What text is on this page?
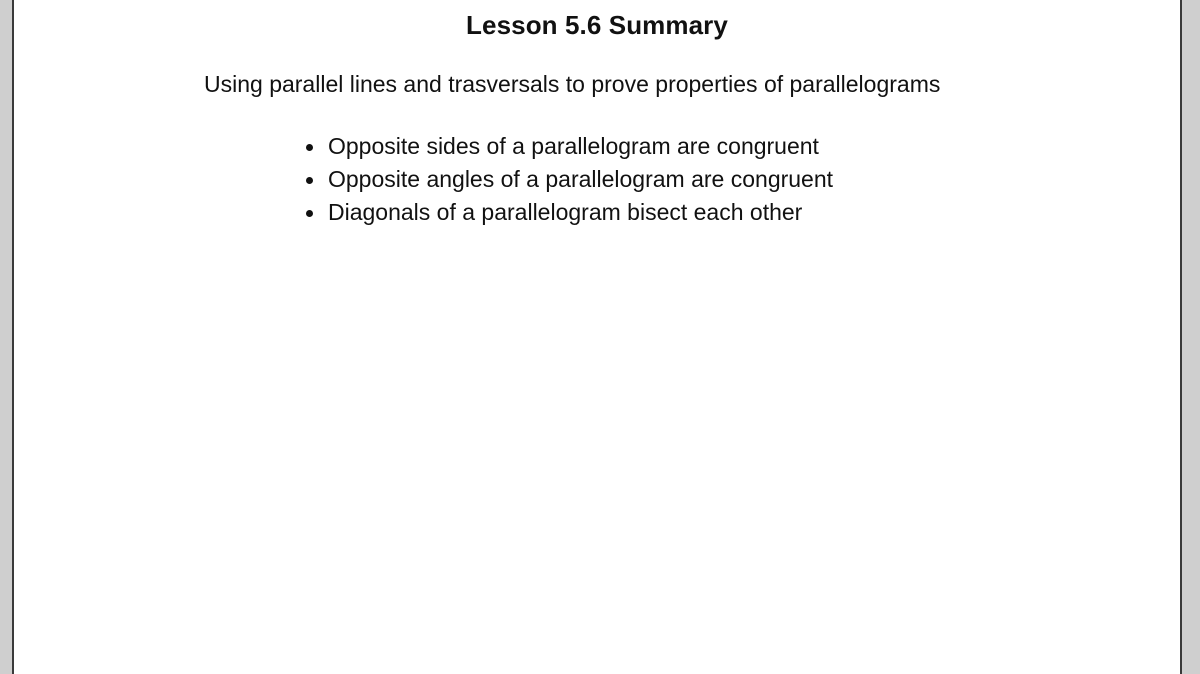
Lesson 5.6 Summary
Using parallel lines and trasversals to prove properties of parallelograms
Opposite sides of a parallelogram are congruent
Opposite angles of a parallelogram are congruent
Diagonals of a parallelogram bisect each other
